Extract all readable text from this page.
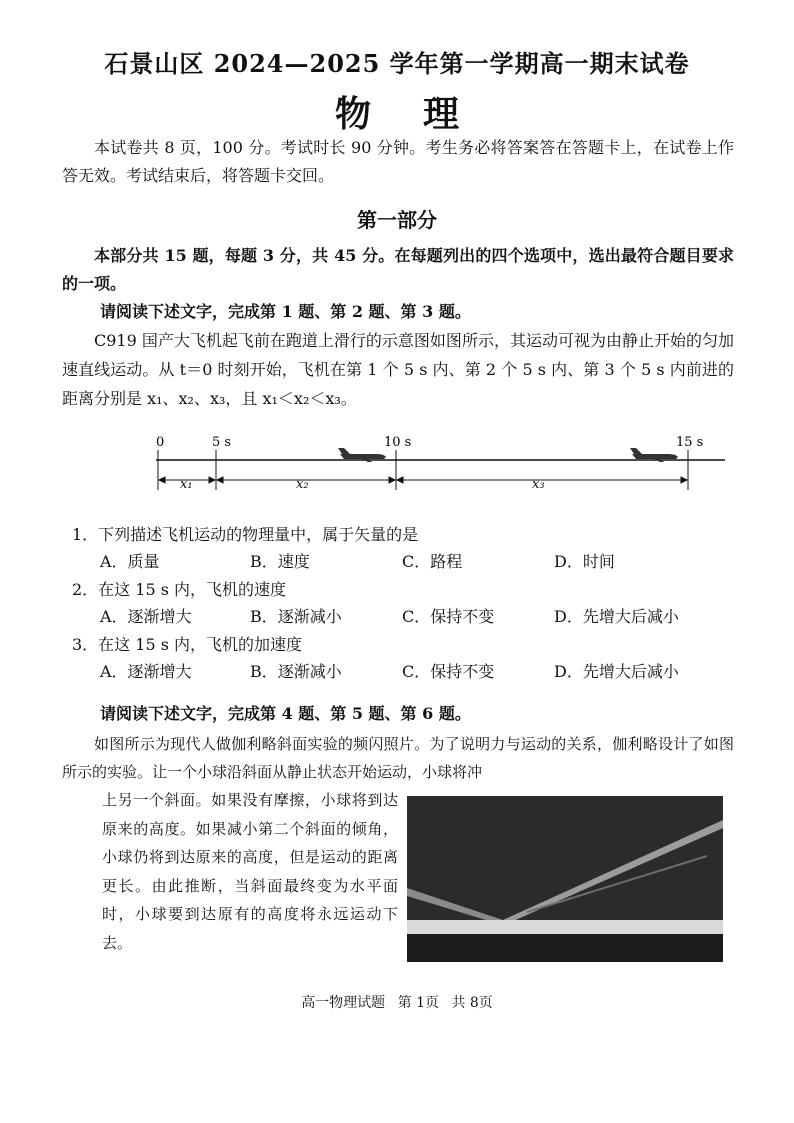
石景山区 2024—2025 学年第一学期高一期末试卷
物 理
本试卷共 8 页，100 分。考试时长 90 分钟。考生务必将答案答在答题卡上，在试卷上作答无效。考试结束后，将答题卡交回。
第一部分
本部分共 15 题，每题 3 分，共 45 分。在每题列出的四个选项中，选出最符合题目要求的一项。
请阅读下述文字，完成第 1 题、第 2 题、第 3 题。
C919 国产大飞机起飞前在跑道上滑行的示意图如图所示，其运动可视为由静止开始的匀加速直线运动。从 t＝0 时刻开始，飞机在第 1 个 5 s 内、第 2 个 5 s 内、第 3 个 5 s 内前进的距离分别是 x₁、x₂、x₃，且 x₁＜x₂＜x₃。
0	5 s	10 s	15 s
x₁	x₂	x₃
1．下列描述飞机运动的物理量中，属于矢量的是
A．质量	B．速度	C．路程	D．时间
2．在这 15 s 内，飞机的速度
A．逐渐增大	B．逐渐减小	C．保持不变	D．先增大后减小
3．在这 15 s 内，飞机的加速度
A．逐渐增大	B．逐渐减小	C．保持不变	D．先增大后减小
请阅读下述文字，完成第 4 题、第 5 题、第 6 题。
如图所示为现代人做伽利略斜面实验的频闪照片。为了说明力与运动的关系，伽利略设计了如图所示的实验。让一个小球沿斜面从静止状态开始运动，小球将冲
上另一个斜面。如果没有摩擦，小球将到达原来的高度。如果减小第二个斜面的倾角，小球仍将到达原来的高度，但是运动的距离更长。由此推断，当斜面最终变为水平面时，小球要到达原有的高度将永远运动下去。
高一物理试题 第 1页 共 8页
